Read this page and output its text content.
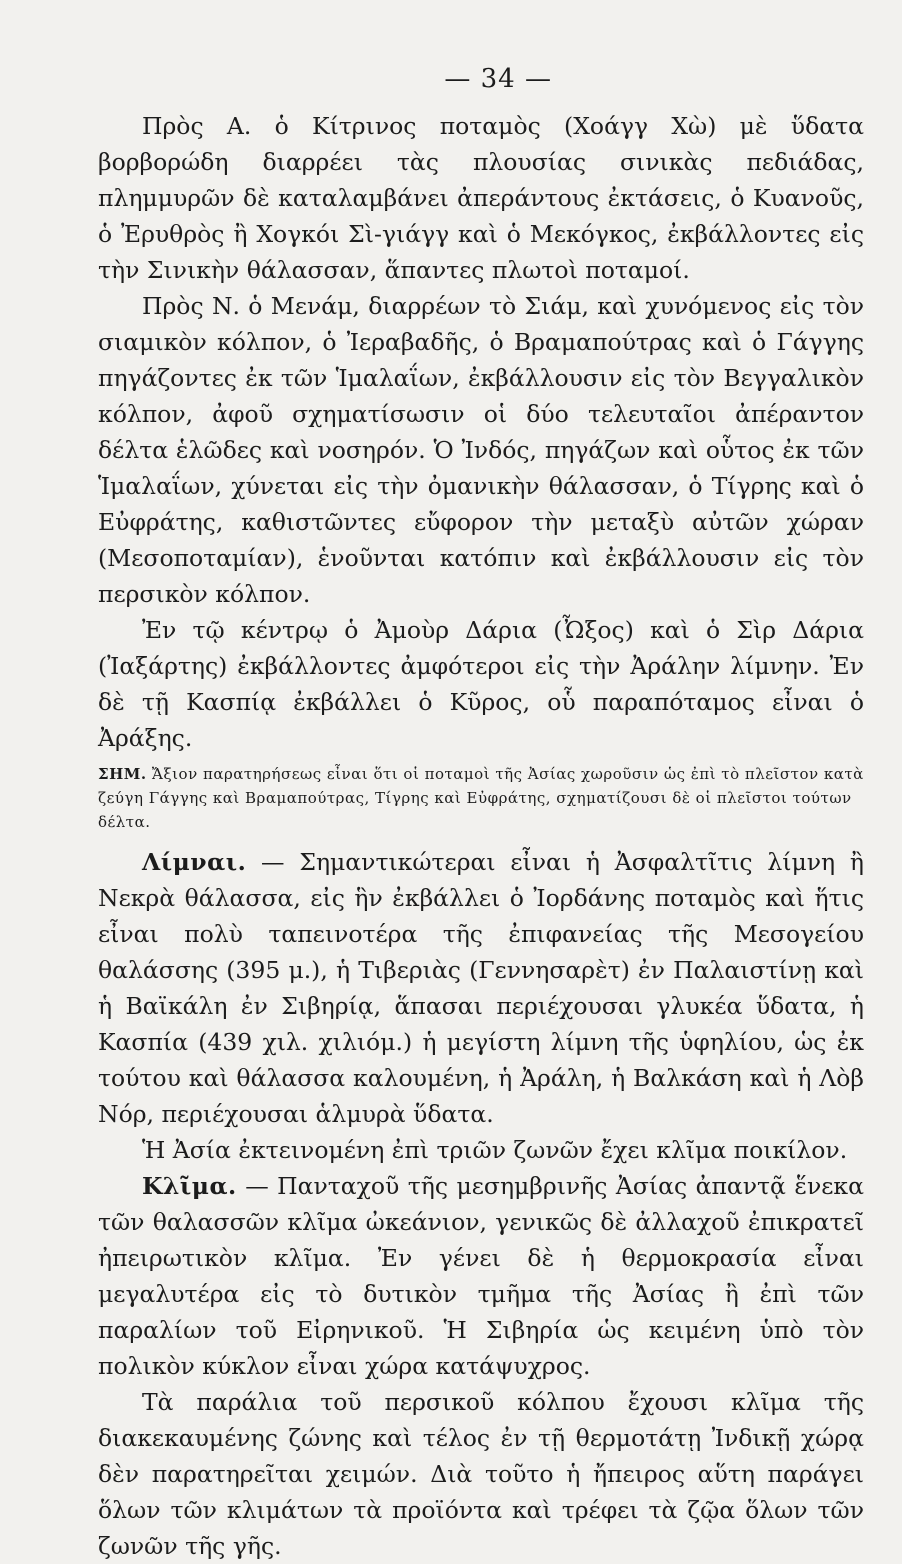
— 34 —

Πρὸς Α. ὁ Κίτρινος ποταμὸς (Χοάγγ Χὼ) μὲ ὕδατα βορβορώδη διαρρέει τὰς πλουσίας σινικὰς πεδιάδας, πλημμυρῶν δὲ καταλαμβάνει ἀπεράντους ἐκτάσεις, ὁ Κυανοῦς, ὁ Ἐρυθρὸς ἢ Χογκόι Σὶ-γιάγγ καὶ ὁ Μεκόγκος, ἐκβάλλοντες εἰς τὴν Σινικὴν θάλασσαν, ἅπαντες πλωτοὶ ποταμοί.

Πρὸς Ν. ὁ Μενάμ, διαρρέων τὸ Σιάμ, καὶ χυνόμενος εἰς τὸν σιαμικὸν κόλπον, ὁ Ἰεραβαδῆς, ὁ Βραμαπούτρας καὶ ὁ Γάγγης πηγάζοντες ἐκ τῶν Ἱμαλαΐων, ἐκβάλλουσιν εἰς τὸν Βεγγαλικὸν κόλπον, ἀφοῦ σχηματίσωσιν οἱ δύο τελευταῖοι ἀπέραντον δέλτα ἑλῶδες καὶ νοσηρόν. Ὁ Ἰνδός, πηγάζων καὶ οὗτος ἐκ τῶν Ἱμαλαΐων, χύνεται εἰς τὴν ὀμανικὴν θάλασσαν, ὁ Τίγρης καὶ ὁ Εὐφράτης, καθιστῶντες εὔφορον τὴν μεταξὺ αὐτῶν χώραν (Μεσοποταμίαν), ἑνοῦνται κατόπιν καὶ ἐκβάλλουσιν εἰς τὸν περσικὸν κόλπον.

Ἐν τῷ κέντρῳ ὁ Ἀμοὺρ Δάρια (Ὦξος) καὶ ὁ Σὶρ Δάρια (Ἰαξάρτης) ἐκβάλλοντες ἀμφότεροι εἰς τὴν Ἀράλην λίμνην. Ἐν δὲ τῇ Κασπίᾳ ἐκβάλλει ὁ Κῦρος, οὗ παραπόταμος εἶναι ὁ Ἀράξης.

ΣΗΜ. Ἄξιον παρατηρήσεως εἶναι ὅτι οἱ ποταμοὶ τῆς Ἀσίας χωροῦσιν ὡς ἐπὶ τὸ πλεῖστον κατὰ ζεύγη Γάγγης καὶ Βραμαπούτρας, Τίγρης καὶ Εὐφράτης, σχηματίζουσι δὲ οἱ πλεῖστοι τούτων δέλτα.

Λίμναι. — Σημαντικώτεραι εἶναι ἡ Ἀσφαλτῖτις λίμνη ἢ Νεκρὰ θάλασσα, εἰς ἣν ἐκβάλλει ὁ Ἰορδάνης ποταμὸς καὶ ἥτις εἶναι πολὺ ταπεινοτέρα τῆς ἐπιφανείας τῆς Μεσογείου θαλάσσης (395 μ.), ἡ Τιβεριὰς (Γεννησαρὲτ) ἐν Παλαιστίνῃ καὶ ἡ Βαϊκάλη ἐν Σιβηρίᾳ, ἅπασαι περιέχουσαι γλυκέα ὕδατα, ἡ Κασπία (439 χιλ. χιλιόμ.) ἡ μεγίστη λίμνη τῆς ὑφηλίου, ὡς ἐκ τούτου καὶ θάλασσα καλουμένη, ἡ Ἀράλη, ἡ Βαλκάση καὶ ἡ Λὸβ Νόρ, περιέχουσαι ἁλμυρὰ ὕδατα.

Ἡ Ἀσία ἐκτεινομένη ἐπὶ τριῶν ζωνῶν ἔχει κλῖμα ποικίλον.

Κλῖμα. — Πανταχοῦ τῆς μεσημβρινῆς Ἀσίας ἀπαντᾷ ἕνεκα τῶν θαλασσῶν κλῖμα ὠκεάνιον, γενικῶς δὲ ἀλλαχοῦ ἐπικρατεῖ ἠπειρωτικὸν κλῖμα. Ἐν γένει δὲ ἡ θερμοκρασία εἶναι μεγαλυτέρα εἰς τὸ δυτικὸν τμῆμα τῆς Ἀσίας ἢ ἐπὶ τῶν παραλίων τοῦ Εἰρηνικοῦ. Ἡ Σιβηρία ὡς κειμένη ὑπὸ τὸν πολικὸν κύκλον εἶναι χώρα κατάψυχρος.

Τὰ παράλια τοῦ περσικοῦ κόλπου ἔχουσι κλῖμα τῆς διακεκαυμένης ζώνης καὶ τέλος ἐν τῇ θερμοτάτῃ Ἰνδικῇ χώρᾳ δὲν παρατηρεῖται χειμών. Διὰ τοῦτο ἡ ἤπειρος αὕτη παράγει ὅλων τῶν κλιμάτων τὰ προϊόντα καὶ τρέφει τὰ ζῷα ὅλων τῶν ζωνῶν τῆς γῆς.
